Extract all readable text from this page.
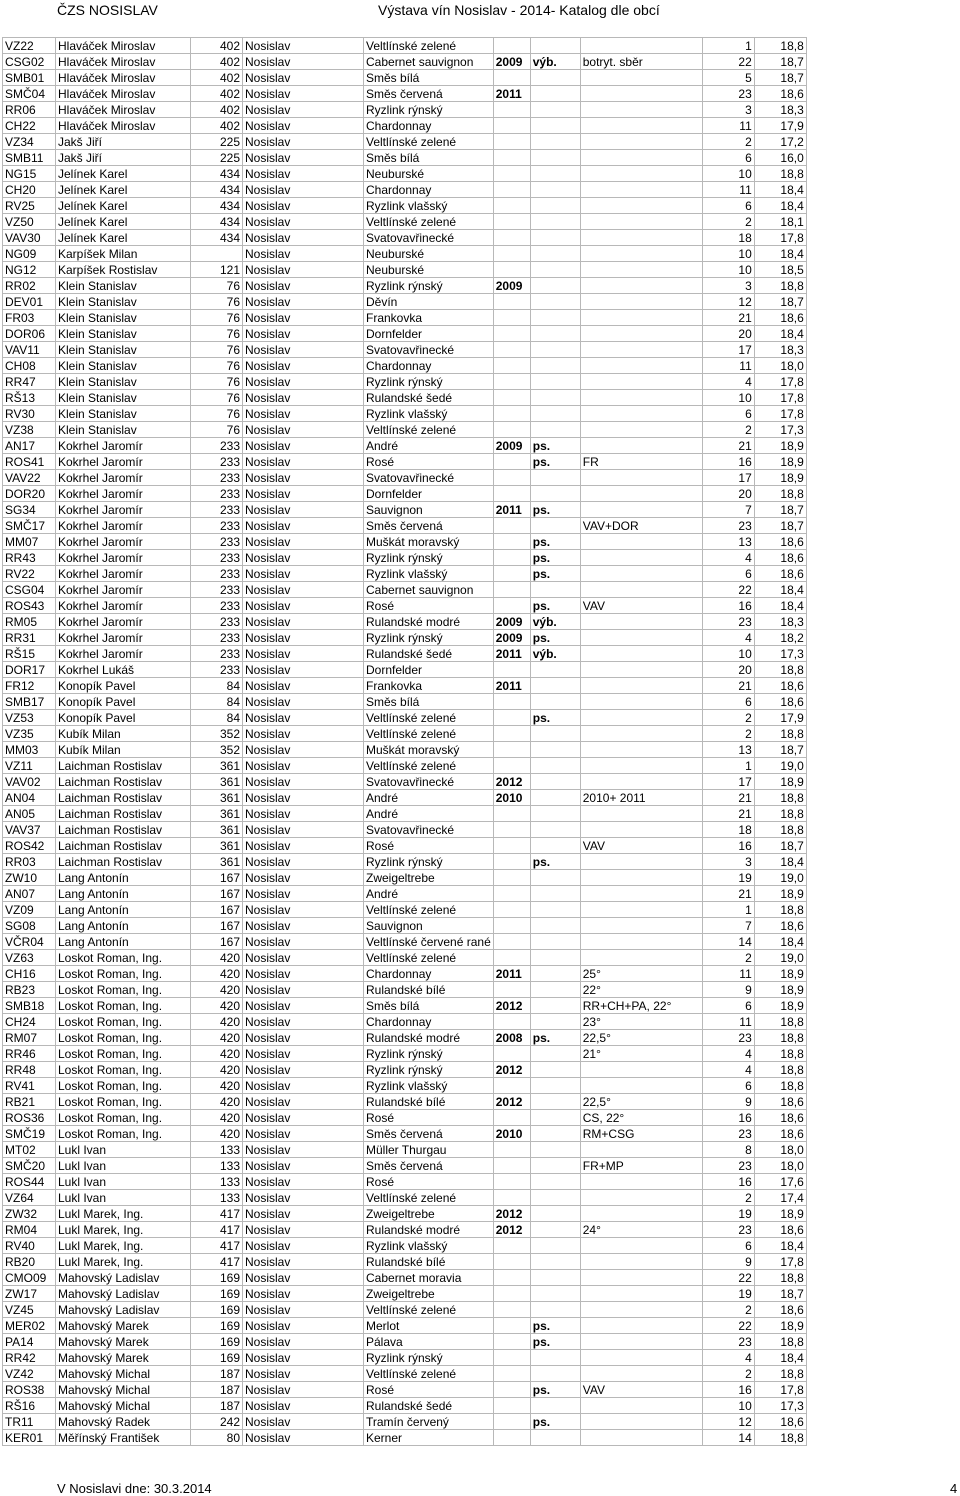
ČZS NOSISLAV	Výstava vín Nosislav - 2014- Katalog dle obcí
VZ22	Hlaváček Miroslav	402	Nosislav	Veltlínské zelené				1	18,8
CSG02	Hlaváček Miroslav	402	Nosislav	Cabernet sauvignon	2009	výb.	botryt. sběr	22	18,7
SMB01	Hlaváček Miroslav	402	Nosislav	Směs bílá				5	18,7
SMČ04	Hlaváček Miroslav	402	Nosislav	Směs červená	2011			23	18,6
RR06	Hlaváček Miroslav	402	Nosislav	Ryzlink rýnský				3	18,3
CH22	Hlaváček Miroslav	402	Nosislav	Chardonnay				11	17,9
VZ34	Jakš Jiří	225	Nosislav	Veltlínské zelené				2	17,2
SMB11	Jakš Jiří	225	Nosislav	Směs bílá				6	16,0
NG15	Jelínek Karel	434	Nosislav	Neuburské				10	18,8
CH20	Jelínek Karel	434	Nosislav	Chardonnay				11	18,4
RV25	Jelínek Karel	434	Nosislav	Ryzlink vlašský				6	18,4
VZ50	Jelínek Karel	434	Nosislav	Veltlínské zelené				2	18,1
VAV30	Jelínek Karel	434	Nosislav	Svatovavřinecké				18	17,8
NG09	Karpíšek Milan		Nosislav	Neuburské				10	18,4
NG12	Karpíšek Rostislav	121	Nosislav	Neuburské				10	18,5
RR02	Klein Stanislav	76	Nosislav	Ryzlink rýnský	2009			3	18,8
DEV01	Klein Stanislav	76	Nosislav	Děvín				12	18,7
FR03	Klein Stanislav	76	Nosislav	Frankovka				21	18,6
DOR06	Klein Stanislav	76	Nosislav	Dornfelder				20	18,4
VAV11	Klein Stanislav	76	Nosislav	Svatovavřinecké				17	18,3
CH08	Klein Stanislav	76	Nosislav	Chardonnay				11	18,0
RR47	Klein Stanislav	76	Nosislav	Ryzlink rýnský				4	17,8
RŠ13	Klein Stanislav	76	Nosislav	Rulandské šedé				10	17,8
RV30	Klein Stanislav	76	Nosislav	Ryzlink vlašský				6	17,8
VZ38	Klein Stanislav	76	Nosislav	Veltlínské zelené				2	17,3
AN17	Kokrhel Jaromír	233	Nosislav	André	2009	ps.		21	18,9
ROS41	Kokrhel Jaromír	233	Nosislav	Rosé		ps.	FR	16	18,9
VAV22	Kokrhel Jaromír	233	Nosislav	Svatovavřinecké				17	18,9
DOR20	Kokrhel Jaromír	233	Nosislav	Dornfelder				20	18,8
SG34	Kokrhel Jaromír	233	Nosislav	Sauvignon	2011	ps.		7	18,7
SMČ17	Kokrhel Jaromír	233	Nosislav	Směs červená			VAV+DOR	23	18,7
MM07	Kokrhel Jaromír	233	Nosislav	Muškát moravský		ps.		13	18,6
RR43	Kokrhel Jaromír	233	Nosislav	Ryzlink rýnský		ps.		4	18,6
RV22	Kokrhel Jaromír	233	Nosislav	Ryzlink vlašský		ps.		6	18,6
CSG04	Kokrhel Jaromír	233	Nosislav	Cabernet sauvignon				22	18,4
ROS43	Kokrhel Jaromír	233	Nosislav	Rosé		ps.	VAV	16	18,4
RM05	Kokrhel Jaromír	233	Nosislav	Rulandské modré	2009	výb.		23	18,3
RR31	Kokrhel Jaromír	233	Nosislav	Ryzlink rýnský	2009	ps.		4	18,2
RŠ15	Kokrhel Jaromír	233	Nosislav	Rulandské šedé	2011	výb.		10	17,3
DOR17	Kokrhel Lukáš	233	Nosislav	Dornfelder				20	18,8
FR12	Konopík Pavel	84	Nosislav	Frankovka	2011			21	18,6
SMB17	Konopík Pavel	84	Nosislav	Směs bílá				6	18,6
VZ53	Konopík Pavel	84	Nosislav	Veltlínské zelené		ps.		2	17,9
VZ35	Kubík Milan	352	Nosislav	Veltlínské zelené				2	18,8
MM03	Kubík Milan	352	Nosislav	Muškát moravský				13	18,7
VZ11	Laichman Rostislav	361	Nosislav	Veltlínské zelené				1	19,0
VAV02	Laichman Rostislav	361	Nosislav	Svatovavřinecké	2012			17	18,9
AN04	Laichman Rostislav	361	Nosislav	André	2010		2010+ 2011	21	18,8
AN05	Laichman Rostislav	361	Nosislav	André				21	18,8
VAV37	Laichman Rostislav	361	Nosislav	Svatovavřinecké				18	18,8
ROS42	Laichman Rostislav	361	Nosislav	Rosé			VAV	16	18,7
RR03	Laichman Rostislav	361	Nosislav	Ryzlink rýnský		ps.		3	18,4
ZW10	Lang Antonín	167	Nosislav	Zweigeltrebe				19	19,0
AN07	Lang Antonín	167	Nosislav	André				21	18,9
VZ09	Lang Antonín	167	Nosislav	Veltlínské zelené				1	18,8
SG08	Lang Antonín	167	Nosislav	Sauvignon				7	18,6
VČR04	Lang Antonín	167	Nosislav	Veltlínské červené rané				14	18,4
VZ63	Loskot Roman, Ing.	420	Nosislav	Veltlínské zelené				2	19,0
CH16	Loskot Roman, Ing.	420	Nosislav	Chardonnay	2011		25°	11	18,9
RB23	Loskot Roman, Ing.	420	Nosislav	Rulandské bílé			22°	9	18,9
SMB18	Loskot Roman, Ing.	420	Nosislav	Směs bílá	2012		RR+CH+PA, 22°	6	18,9
CH24	Loskot Roman, Ing.	420	Nosislav	Chardonnay			23°	11	18,8
RM07	Loskot Roman, Ing.	420	Nosislav	Rulandské modré	2008	ps.	22,5°	23	18,8
RR46	Loskot Roman, Ing.	420	Nosislav	Ryzlink rýnský			21°	4	18,8
RR48	Loskot Roman, Ing.	420	Nosislav	Ryzlink rýnský	2012			4	18,8
RV41	Loskot Roman, Ing.	420	Nosislav	Ryzlink vlašský				6	18,8
RB21	Loskot Roman, Ing.	420	Nosislav	Rulandské bílé	2012		22,5°	9	18,6
ROS36	Loskot Roman, Ing.	420	Nosislav	Rosé			CS, 22°	16	18,6
SMČ19	Loskot Roman, Ing.	420	Nosislav	Směs červená	2010		RM+CSG	23	18,6
MT02	Lukl Ivan	133	Nosislav	Müller Thurgau				8	18,0
SMČ20	Lukl Ivan	133	Nosislav	Směs červená			FR+MP	23	18,0
ROS44	Lukl Ivan	133	Nosislav	Rosé				16	17,6
VZ64	Lukl Ivan	133	Nosislav	Veltlínské zelené				2	17,4
ZW32	Lukl Marek, Ing.	417	Nosislav	Zweigeltrebe	2012			19	18,9
RM04	Lukl Marek, Ing.	417	Nosislav	Rulandské modré	2012		24°	23	18,6
RV40	Lukl Marek, Ing.	417	Nosislav	Ryzlink vlašský				6	18,4
RB20	Lukl Marek, Ing.	417	Nosislav	Rulandské bílé				9	17,8
CMO09	Mahovský Ladislav	169	Nosislav	Cabernet moravia				22	18,8
ZW17	Mahovský Ladislav	169	Nosislav	Zweigeltrebe				19	18,7
VZ45	Mahovský Ladislav	169	Nosislav	Veltlínské zelené				2	18,6
MER02	Mahovský Marek	169	Nosislav	Merlot		ps.		22	18,9
PA14	Mahovský Marek	169	Nosislav	Pálava		ps.		23	18,8
RR42	Mahovský Marek	169	Nosislav	Ryzlink rýnský				4	18,4
VZ42	Mahovský Michal	187	Nosislav	Veltlínské zelené				2	18,8
ROS38	Mahovský Michal	187	Nosislav	Rosé		ps.	VAV	16	17,8
RŠ16	Mahovský Michal	187	Nosislav	Rulandské šedé				10	17,3
TR11	Mahovský Radek	242	Nosislav	Tramín červený		ps.		12	18,6
KER01	Měřínský František	80	Nosislav	Kerner				14	18,8
V Nosislavi dne: 30.3.2014	4
